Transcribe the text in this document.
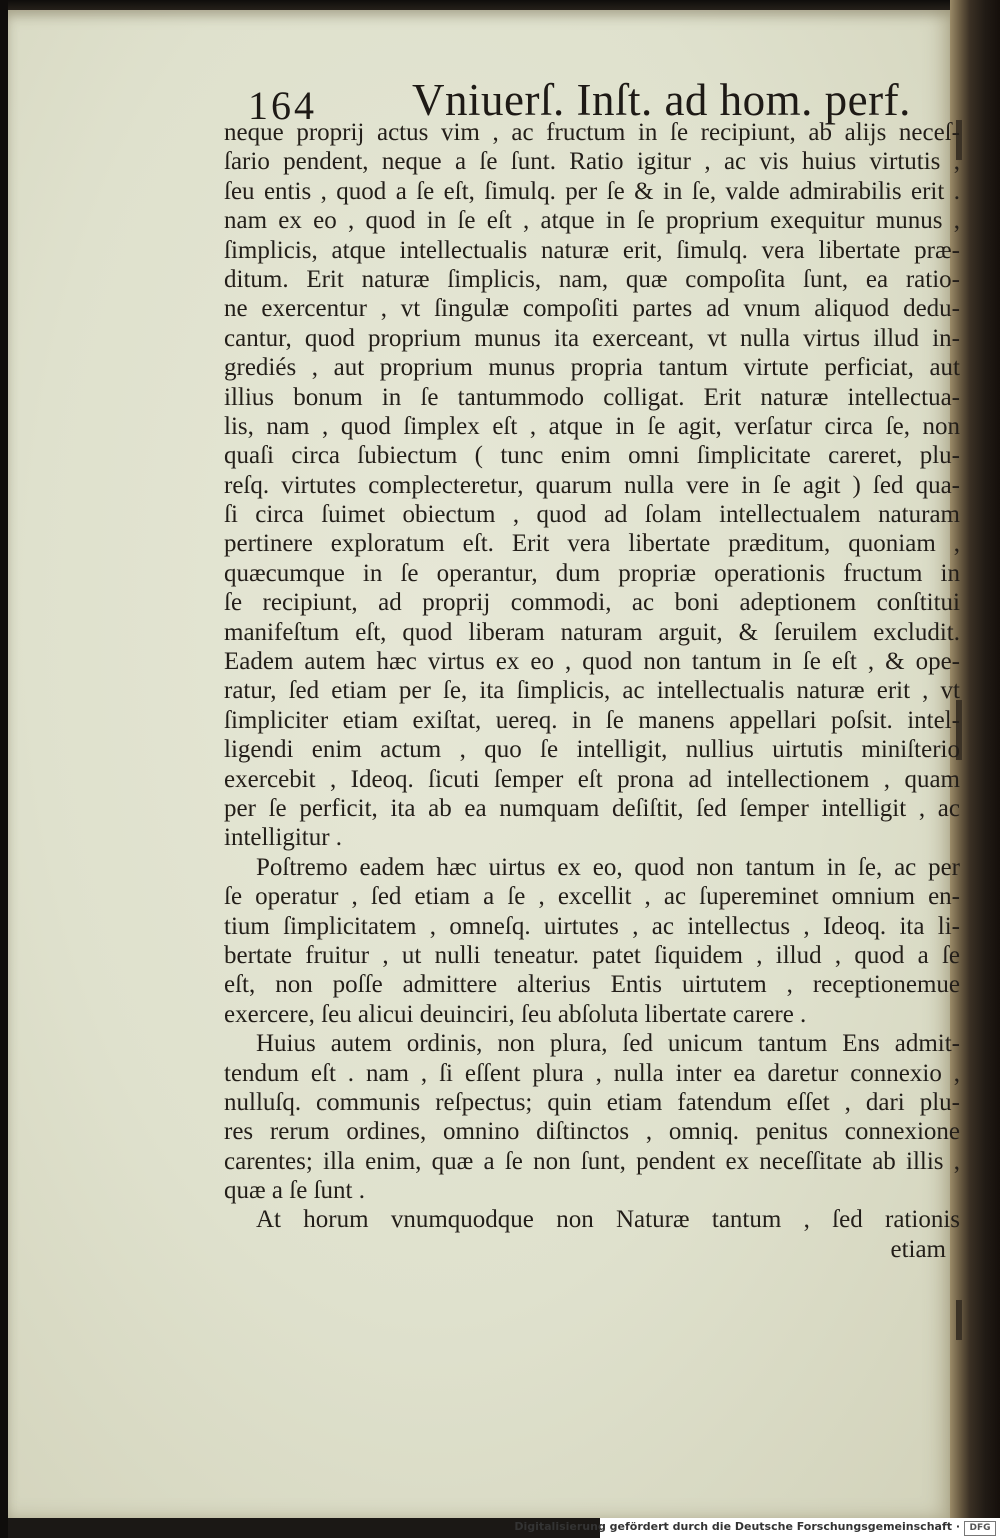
164 Vniuerſ. Inſt. ad hom. perf.
neque proprij actus vim , ac fructum in ſe recipiunt, ab alijs neceſ-
ſario pendent, neque a ſe ſunt. Ratio igitur , ac vis huius virtutis ,
ſeu entis , quod a ſe eſt, ſimulq. per ſe & in ſe, valde admirabilis erit .
nam ex eo , quod in ſe eſt , atque in ſe proprium exequitur munus ,
ſimplicis, atque intellectualis naturæ erit, ſimulq. vera libertate præ-
ditum. Erit naturæ ſimplicis, nam, quæ compoſita ſunt, ea ratio-
ne exercentur , vt ſingulæ compoſiti partes ad vnum aliquod dedu-
cantur, quod proprium munus ita exerceant, vt nulla virtus illud in-
grediés , aut proprium munus propria tantum virtute perficiat, aut
illius bonum in ſe tantummodo colligat. Erit naturæ intellectua-
lis, nam , quod ſimplex eſt , atque in ſe agit, verſatur circa ſe, non
quaſi circa ſubiectum ( tunc enim omni ſimplicitate careret, plu-
reſq. virtutes complecteretur, quarum nulla vere in ſe agit ) ſed qua-
ſi circa ſuimet obiectum , quod ad ſolam intellectualem naturam
pertinere exploratum eſt. Erit vera libertate præditum, quoniam ,
quæcumque in ſe operantur, dum propriæ operationis fructum in
ſe recipiunt, ad proprij commodi, ac boni adeptionem conſtitui
manifeſtum eſt, quod liberam naturam arguit, & ſeruilem excludit.
Eadem autem hæc virtus ex eo , quod non tantum in ſe eſt , & ope-
ratur, ſed etiam per ſe, ita ſimplicis, ac intellectualis naturæ erit , vt
ſimpliciter etiam exiſtat, uereq. in ſe manens appellari poſsit. intel-
ligendi enim actum , quo ſe intelligit, nullius uirtutis miniſterio
exercebit , Ideoq. ſicuti ſemper eſt prona ad intellectionem , quam
per ſe perficit, ita ab ea numquam deſiſtit, ſed ſemper intelligit , ac
intelligitur .
Poſtremo eadem hæc uirtus ex eo, quod non tantum in ſe, ac per
ſe operatur , ſed etiam a ſe , excellit , ac ſupereminet omnium en-
tium ſimplicitatem , omneſq. uirtutes , ac intellectus , Ideoq. ita li-
bertate fruitur , ut nulli teneatur. patet ſiquidem , illud , quod a ſe
eſt, non poſſe admittere alterius Entis uirtutem , receptionemue
exercere, ſeu alicui deuinciri, ſeu abſoluta libertate carere .
Huius autem ordinis, non plura, ſed unicum tantum Ens admit-
tendum eſt . nam , ſi eſſent plura , nulla inter ea daretur connexio ,
nulluſq. communis reſpectus; quin etiam fatendum eſſet , dari plu-
res rerum ordines, omnino diſtinctos , omniq. penitus connexione
carentes; illa enim, quæ a ſe non ſunt, pendent ex neceſſitate ab illis ,
quæ a ſe ſunt .
At horum vnumquodque non Naturæ tantum , ſed rationis
etiam
Digitalisierung gefördert durch die Deutsche Forschungsgemeinschaft ·	DFG
